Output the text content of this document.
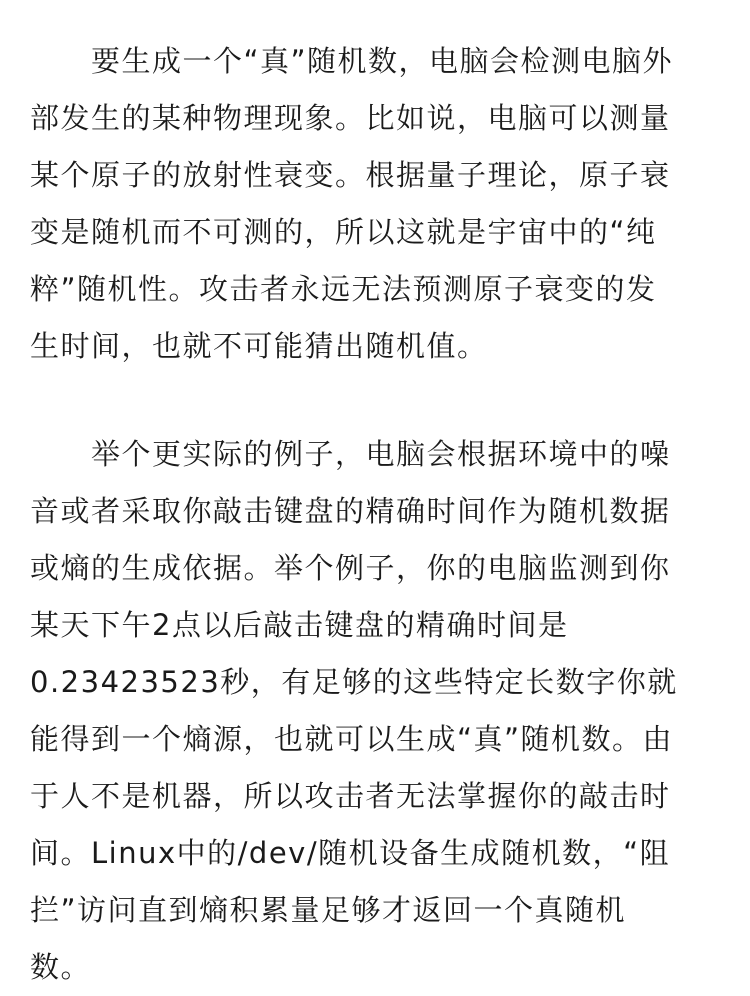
　　要生成一个“真”随机数，电脑会检测电脑外
部发生的某种物理现象。比如说，电脑可以测量
某个原子的放射性衰变。根据量子理论，原子衰
变是随机而不可测的，所以这就是宇宙中的“纯
粹”随机性。攻击者永远无法预测原子衰变的发
生时间，也就不可能猜出随机值。
　　举个更实际的例子，电脑会根据环境中的噪
音或者采取你敲击键盘的精确时间作为随机数据
或熵的生成依据。举个例子，你的电脑监测到你
某天下午2点以后敲击键盘的精确时间是
0.23423523秒，有足够的这些特定长数字你就
能得到一个熵源，也就可以生成“真”随机数。由
于人不是机器，所以攻击者无法掌握你的敲击时
间。Linux中的/dev/随机设备生成随机数，“阻
拦”访问直到熵积累量足够才返回一个真随机
数。
